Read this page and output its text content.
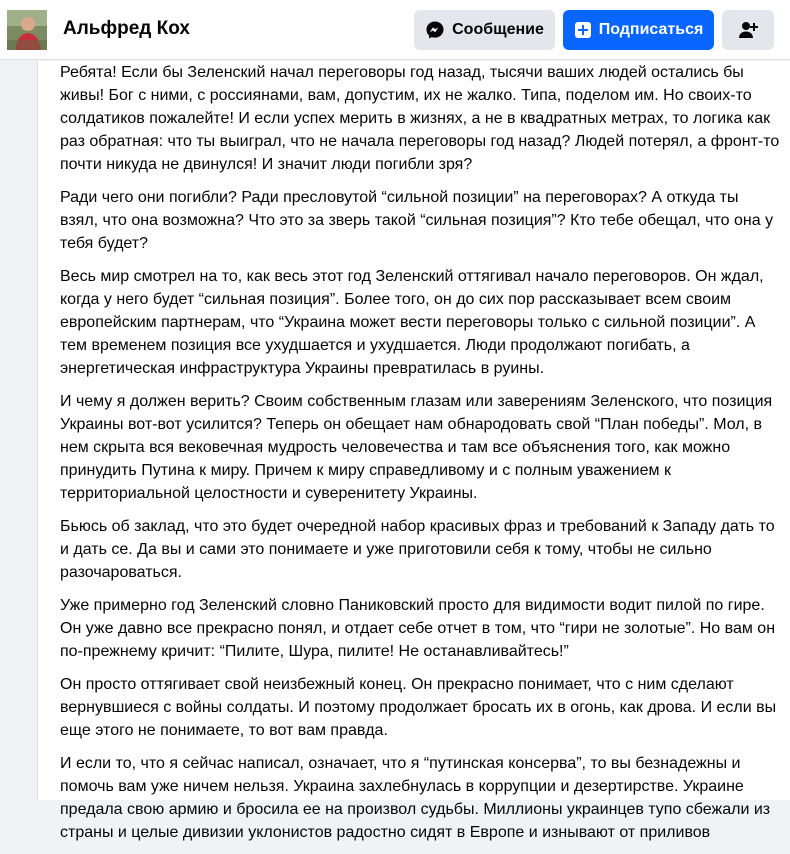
Альфред Кох	Сообщение	Подписаться

Ребята! Если бы Зеленский начал переговоры год назад, тысячи ваших людей остались бы живы! Бог с ними, с россиянами, вам, допустим, их не жалко. Типа, поделом им. Но своих-то солдатиков пожалейте! И если успех мерить в жизнях, а не в квадратных метрах, то логика как раз обратная: что ты выиграл, что не начала переговоры год назад? Людей потерял, а фронт-то почти никуда не двинулся! И значит люди погибли зря?

Ради чего они погибли? Ради пресловутой “сильной позиции” на переговорах? А откуда ты взял, что она возможна? Что это за зверь такой “сильная позиция”? Кто тебе обещал, что она у тебя будет?

Весь мир смотрел на то, как весь этот год Зеленский оттягивал начало переговоров. Он ждал, когда у него будет “сильная позиция”. Более того, он до сих пор рассказывает всем своим европейским партнерам, что “Украина может вести переговоры только с сильной позиции”. А тем временем позиция все ухудшается и ухудшается. Люди продолжают погибать, а энергетическая инфраструктура Украины превратилась в руины.

И чему я должен верить? Своим собственным глазам или заверениям Зеленского, что позиция Украины вот-вот усилится? Теперь он обещает нам обнародовать свой “План победы”. Мол, в нем скрыта вся вековечная мудрость человечества и там все объяснения того, как можно принудить Путина к миру. Причем к миру справедливому и с полным уважением к территориальной целостности и суверенитету Украины.

Бьюсь об заклад, что это будет очередной набор красивых фраз и требований к Западу дать то и дать се. Да вы и сами это понимаете и уже приготовили себя к тому, чтобы не сильно разочароваться.

Уже примерно год Зеленский словно Паниковский просто для видимости водит пилой по гире. Он уже давно все прекрасно понял, и отдает себе отчет в том, что “гири не золотые”. Но вам он по-прежнему кричит: “Пилите, Шура, пилите! Не останавливайтесь!”

Он просто оттягивает свой неизбежный конец. Он прекрасно понимает, что с ним сделают вернувшиеся с войны солдаты. И поэтому продолжает бросать их в огонь, как дрова. И если вы еще этого не понимаете, то вот вам правда.

И если то, что я сейчас написал, означает, что я “путинская консерва”, то вы безнадежны и помочь вам уже ничем нельзя. Украина захлебнулась в коррупции и дезертирстве. Украине предала свою армию и бросила ее на произвол судьбы. Миллионы украинцев тупо сбежали из страны и целые дивизии уклонистов радостно сидят в Европе и изнывают от приливов
